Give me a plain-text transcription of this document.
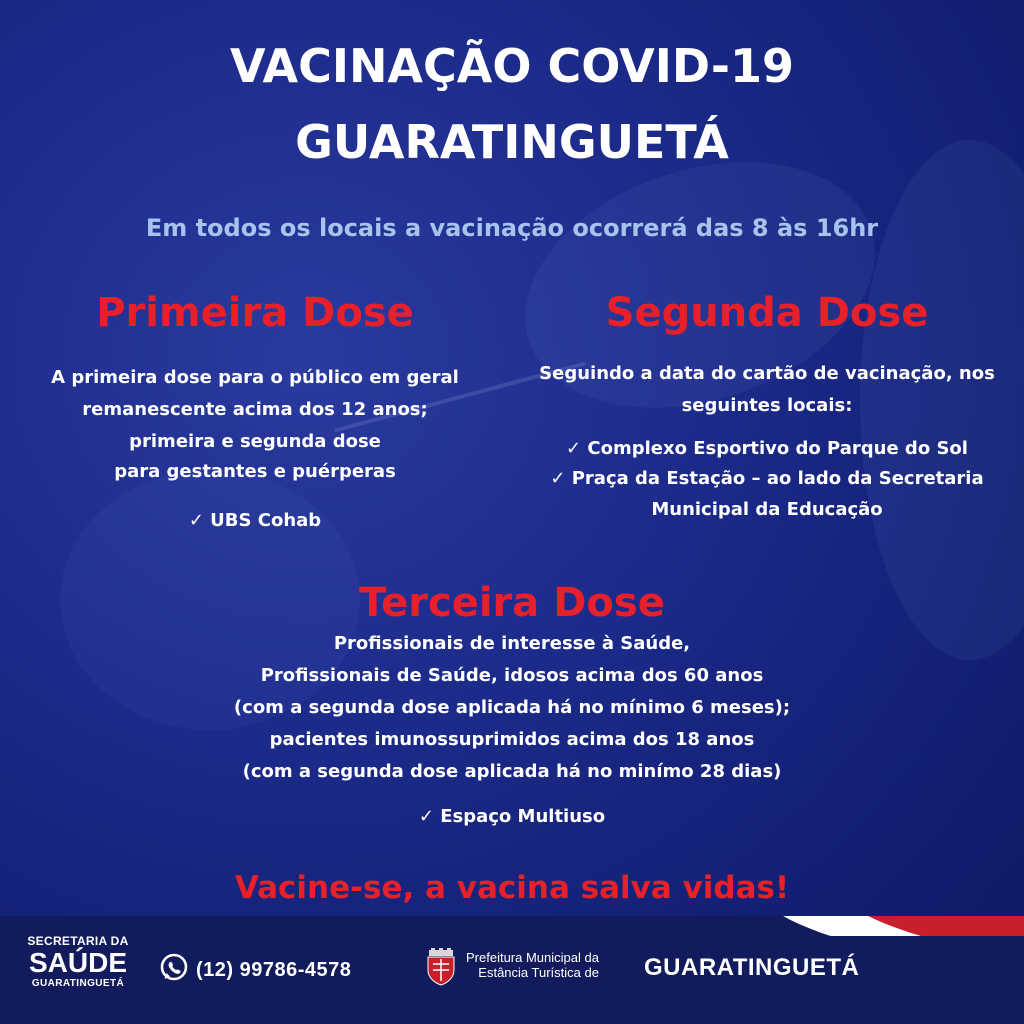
VACINAÇÃO COVID-19
GUARATINGUETÁ
Em todos os locais a vacinação ocorrerá das 8 às 16hr
Primeira Dose
A primeira dose para o público em geral
remanescente acima dos 12 anos;
primeira e segunda dose
para gestantes e puérperas
✓ UBS Cohab
Segunda Dose
Seguindo a data do cartão de vacinação, nos
seguintes locais:
✓ Complexo Esportivo do Parque do Sol
✓ Praça da Estação – ao lado da Secretaria
Municipal da Educação
Terceira Dose
Profissionais de interesse à Saúde,
Profissionais de Saúde, idosos acima dos 60 anos
(com a segunda dose aplicada há no mínimo 6 meses);
pacientes imunossuprimidos acima dos 18 anos
(com a segunda dose aplicada há no minímo 28 dias)
✓ Espaço Multiuso
Vacine-se, a vacina salva vidas!
SECRETARIA DA
SAÚDE
GUARATINGUETÁ
(12) 99786-4578
Prefeitura Municipal da
Estância Turística de GUARATINGUETÁ
